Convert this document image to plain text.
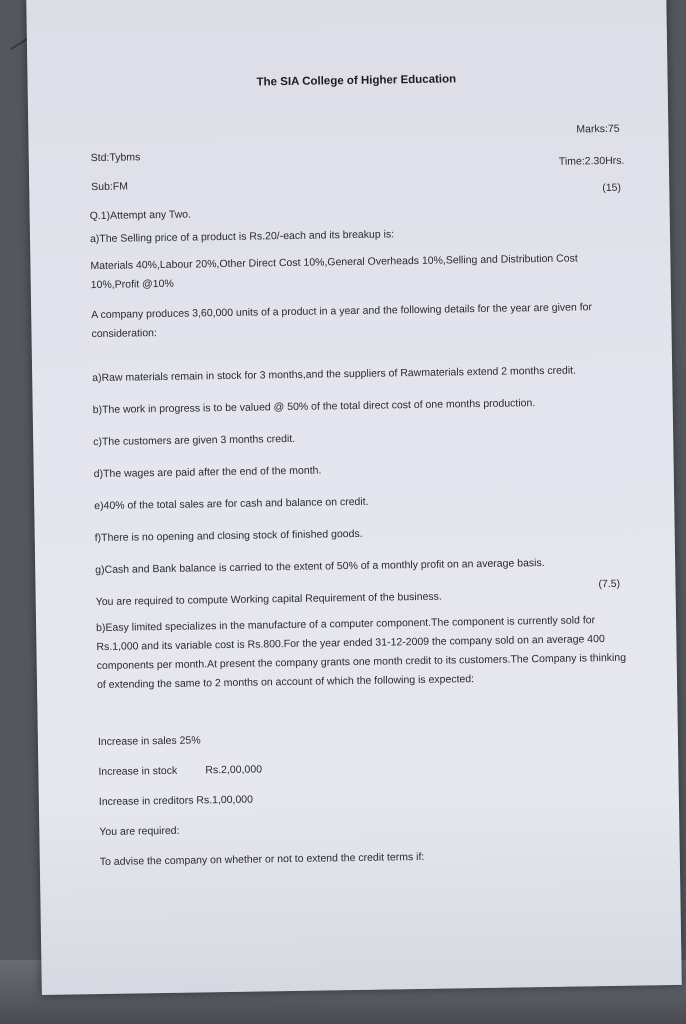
The SIA College of Higher Education
Marks:75
Std:Tybms	Time:2.30Hrs.
Sub:FM	(15)
Q.1)Attempt any Two.
a)The Selling price of a product is Rs.20/-each and its breakup is:
Materials 40%,Labour 20%,Other Direct Cost 10%,General Overheads 10%,Selling and Distribution Cost 10%,Profit @10%
A company produces 3,60,000 units of a product in a year and the following details for the year are given for consideration:
a)Raw materials remain in stock for 3 months,and the suppliers of Rawmaterials extend 2 months credit.
b)The work in progress is to be valued @ 50% of the total direct cost of one months production.
c)The customers are given 3 months credit.
d)The wages are paid after the end of the month.
e)40% of the total sales are for cash and balance on credit.
f)There is no opening and closing stock of finished goods.
g)Cash and Bank balance is carried to the extent of 50% of a monthly profit on an average basis.
You are required to compute Working capital Requirement of the business.
(7.5)
b)Easy limited specializes in the manufacture of a computer component.The component is currently sold for Rs.1,000 and its variable cost is Rs.800.For the year ended 31-12-2009 the company sold on an average 400 components per month.At present the company grants one month credit to its customers.The Company is thinking of extending the same to 2 months on account of which the following is expected:
Increase in sales 25%
Increase in stock	Rs.2,00,000
Increase in creditors Rs.1,00,000
You are required:
To advise the company on whether or not to extend the credit terms if:
